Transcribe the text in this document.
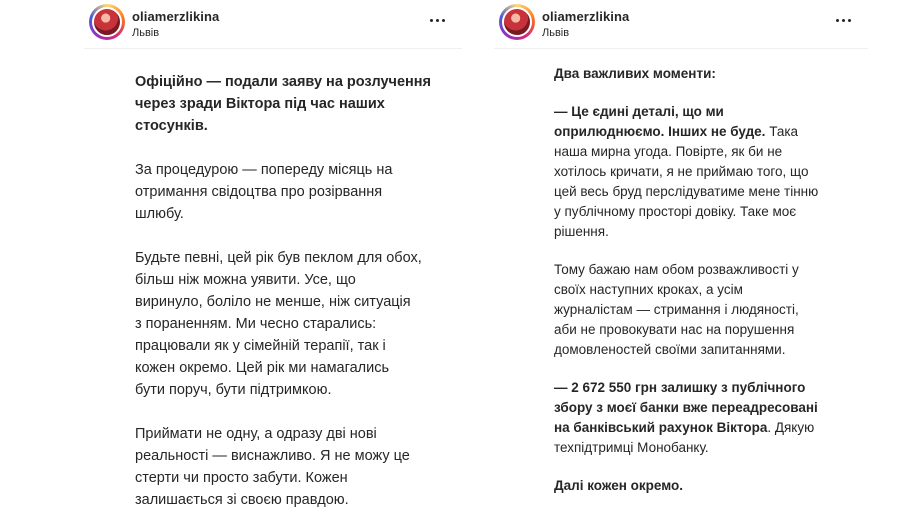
oliamerzlikina
Львів
Офіційно — подали заяву на розлучення
через зради Віктора під час наших
стосунків.
За процедурою — попереду місяць на
отримання свідоцтва про розірвання
шлюбу.
Будьте певні, цей рік був пеклом для обох,
більш ніж можна уявити. Усе, що
виринуло, боліло не менше, ніж ситуація
з пораненням. Ми чесно старались:
працювали як у сімейній терапії, так і
кожен окремо. Цей рік ми намагались
бути поруч, бути підтримкою.
Приймати не одну, а одразу дві нові
реальності — виснажливо. Я не можу це
стерти чи просто забути. Кожен
залишається зі своєю правдою.
oliamerzlikina
Львів
Два важливих моменти:
— Це єдині деталі, що ми
оприлюднюємо. Інших не буде. Така
наша мирна угода. Повірте, як би не
хотілось кричати, я не приймаю того, що
цей весь бруд перслідуватиме мене тінню
у публічному просторі довіку. Таке моє
рішення.
Тому бажаю нам обом розважливості у
своїх наступних кроках, а усім
журналістам — стримання і людяності,
аби не провокувати нас на порушення
домовленостей своїми запитаннями.
— 2 672 550 грн залишку з публічного
збору з моєї банки вже переадресовані
на банківський рахунок Віктора. Дякую
техпідтримці Монобанку.
Далі кожен окремо.
